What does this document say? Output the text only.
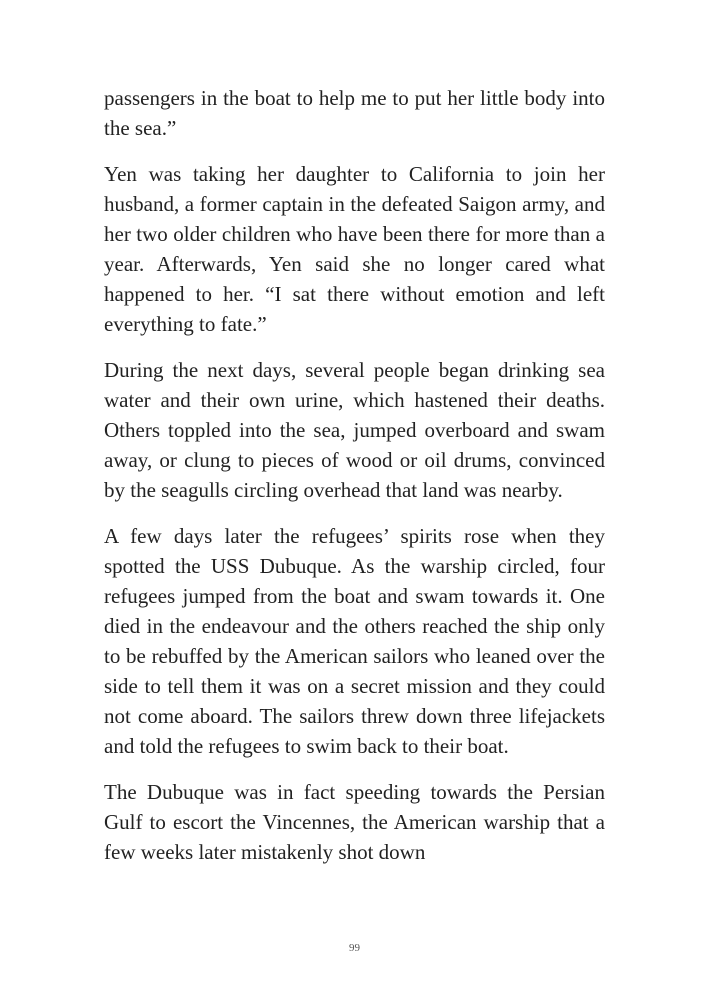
passengers in the boat to help me to put her little body into the sea.”

Yen was taking her daughter to California to join her husband, a former captain in the defeated Saigon army, and her two older children who have been there for more than a year. Afterwards, Yen said she no longer cared what happened to her. “I sat there without emotion and left everything to fate.”

During the next days, several people began drinking sea water and their own urine, which hastened their deaths. Others toppled into the sea, jumped overboard and swam away, or clung to pieces of wood or oil drums, convinced by the seagulls circling overhead that land was nearby.

A few days later the refugees’ spirits rose when they spotted the USS Dubuque. As the warship circled, four refugees jumped from the boat and swam towards it. One died in the endeavour and the others reached the ship only to be rebuffed by the American sailors who leaned over the side to tell them it was on a secret mission and they could not come aboard. The sailors threw down three lifejackets and told the refugees to swim back to their boat.

The Dubuque was in fact speeding towards the Persian Gulf to escort the Vincennes, the American warship that a few weeks later mistakenly shot down

99
